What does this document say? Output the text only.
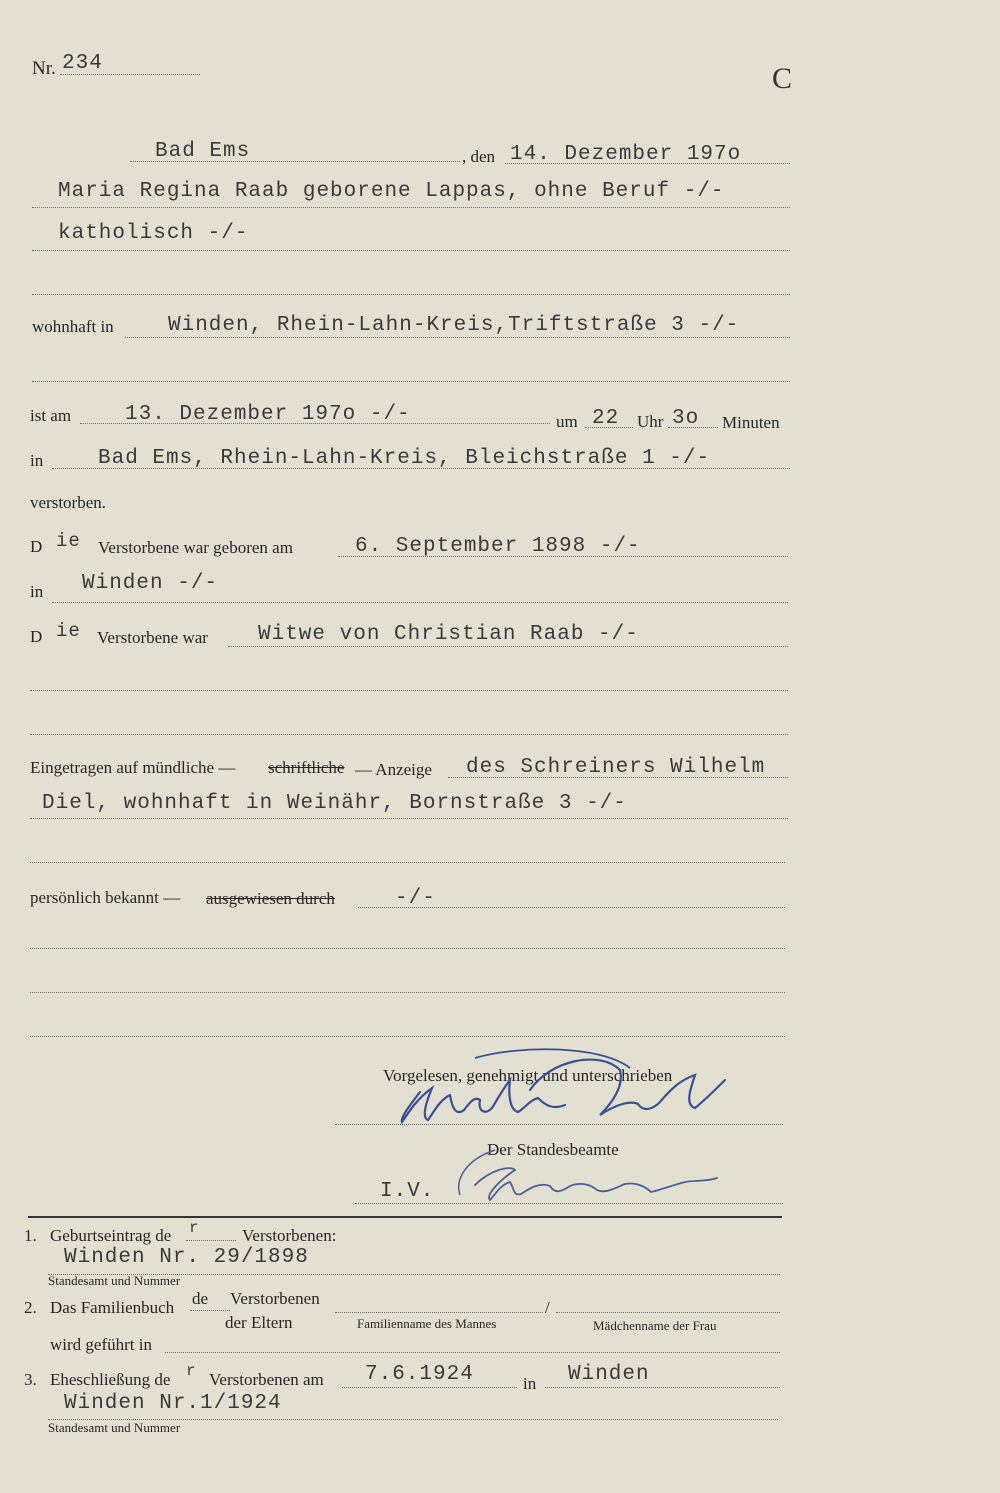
Nr. 234	C
Bad Ems	, den 14. Dezember 197o
Maria Regina Raab geborene Lappas, ohne Beruf -/-
katholisch -/-
wohnhaft in	Winden, Rhein-Lahn-Kreis,Triftstraße 3 -/-
ist am	13. Dezember 197o -/-	um 22 Uhr 3o Minuten
in	Bad Ems, Rhein-Lahn-Kreis, Bleichstraße 1 -/-
verstorben.
D ie Verstorbene war geboren am	6. September 1898 -/-
in Winden -/-
D ie Verstorbene war Witwe von Christian Raab -/-
Eingetragen auf mündliche — schriftliche — Anzeige des Schreiners Wilhelm
Diel, wohnhaft in Weinähr, Bornstraße 3 -/-
persönlich bekannt — ausgewiesen durch	-/-
Vorgelesen, genehmigt und unterschrieben
Der Standesbeamte
I.V.
1. Geburtseintrag de r Verstorbenen:
Winden Nr. 29/1898
Standesamt und Nummer
2. Das Familienbuch de Verstorbenen
der Eltern
/
Familienname des Mannes	Mädchenname der Frau
wird geführt in
3. Eheschließung de r Verstorbenen am 7.6.1924	in Winden
Winden Nr.1/1924
Standesamt und Nummer
